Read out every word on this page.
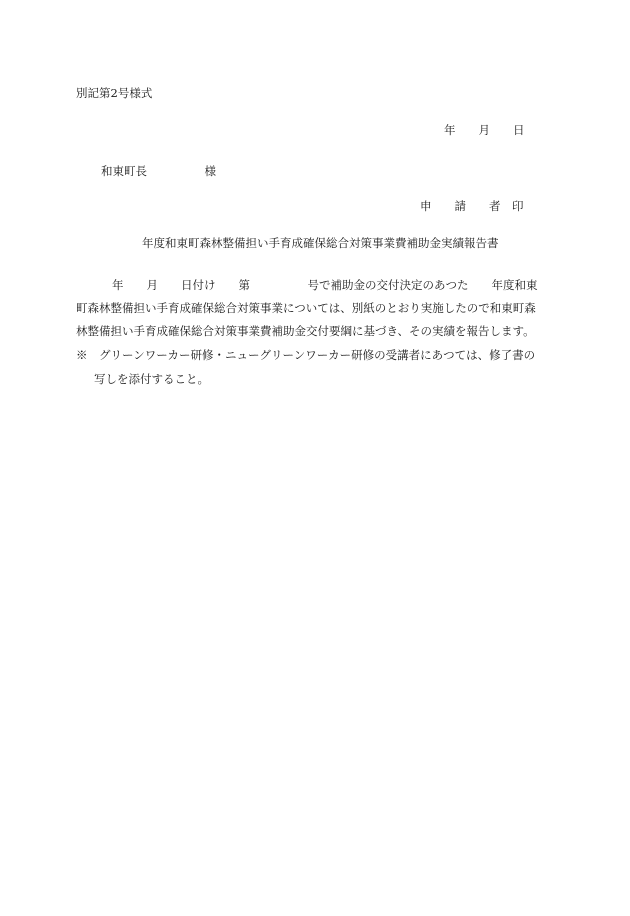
別記第2号様式
年　　月　　日
和東町長　　　　　様
申　　請　　者　印
年度和東町森林整備担い手育成確保総合対策事業費補助金実績報告書
年　　月　　日付け　　第　　　　　号で補助金の交付決定のあつた　　年度和東
町森林整備担い手育成確保総合対策事業については、別紙のとおり実施したので和東町森
林整備担い手育成確保総合対策事業費補助金交付要綱に基づき、その実績を報告します。
※　グリーンワーカー研修・ニューグリーンワーカー研修の受講者にあつては、修了書の
写しを添付すること。
